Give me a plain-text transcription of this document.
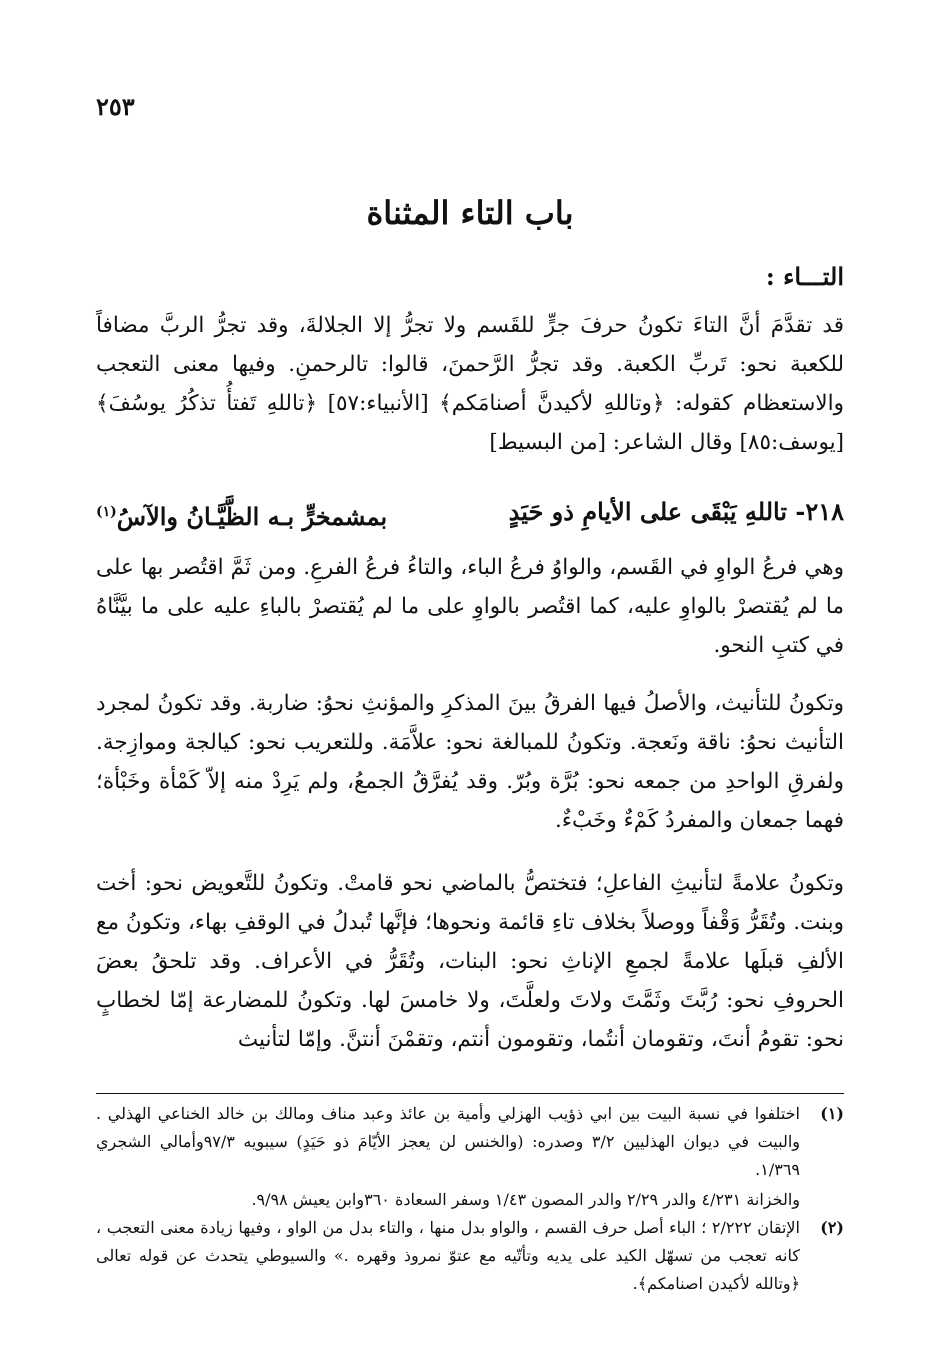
٢٥٣
باب التاء المثناة
التـــاء :

قد تقدَّمَ أنَّ التاءَ تكونُ حرفَ جرٍّ للقَسم ولا تجرُّ إلا الجلالةَ، وقد تجرُّ الربَّ مضافاً للكعبة نحو: تَربِّ الكعبة. وقد تجرُّ الرَّحمنَ، قالوا: تالرحمنِ. وفيها معنى التعجب والاستعظام كقوله: ﴿وتاللهِ لأكيدنَّ أصنامَكم﴾ [الأنبياء:٥٧] ﴿تاللهِ تَفتأُ تذكُرُ يوسُفَ﴾ [يوسف:٨٥] وقال الشاعر: [من البسيط]

٢١٨- تاللهِ يَبْقَى على الأيامِ ذو حَيَدٍ
بمشمخرٍّ بـه الظَّيَّـانُ والآسُ$^{(١)}$

وهي فرعُ الواوِ في القَسم، والواوُ فرعُ الباء، والتاءُ فرعُ الفرعِ. ومن ثَمَّ اقتُصر بها على ما لم يُقتصرْ بالواوِ عليه، كما اقتُصر بالواوِ على ما لم يُقتصرْ بالباءِ عليه على ما بيَّنَّاهُ في كتبِ النحو.

وتكونُ للتأنيث، والأصلُ فيها الفرقُ بينَ المذكرِ والمؤنثِ نحوُ: ضاربة. وقد تكونُ لمجرد التأنيث نحوُ: ناقة ونَعجة. وتكونُ للمبالغة نحو: علاَّمَة. وللتعريب نحو: كيالجة وموازِجة. ولفرقِ الواحدِ من جمعه نحو: بُرَّة وبُرّ. وقد يُفرَّقُ الجمعُ، ولم يَرِدْ منه إلاّ كَمْأة وخَبْأة؛ فهما جمعان والمفردُ كَمْءٌ وخَبْءٌ.

وتكونُ علامةً لتأنيثِ الفاعلِ؛ فتختصُّ بالماضي نحو قامتْ. وتكونُ للتَّعويض نحو: أخت وبنت. وتُقَرُّ وَقْفاً ووصلاً بخلاف تاءِ قائمة ونحوها؛ فإنَّها تُبدلُ في الوقفِ بهاء، وتكونُ مع الألفِ قبلَها علامةً لجمعِ الإناثِ نحو: البنات، وتُقَرُّ في الأعراف. وقد تلحقُ بعضَ الحروفِ نحو: رُبَّتَ وثَمَّتَ ولاتَ ولعلَّتَ، ولا خامسَ لها. وتكونُ للمضارعة إمّا لخطابٍ نحو: تقومُ أنتَ، وتقومان أنتُما، وتقومون أنتم، وتقمْنَ أنتنَّ. وإمّا لتأنيث

(١)
اختلفوا في نسبة البيت بين ابي ذؤيب الهزلي وأمية بن عائذ وعبد مناف ومالك بن خالد الخناعي الهذلي . والبيت في ديوان الهذليين ٣/٢ وصدره: (والخنس لن يعجز الأيّامَ ذو حَيَدٍ) سيبويه ٩٧/٣وأمالي الشجري ١/٣٦٩.
والخزانة ٤/٢٣١ والدر ٢/٢٩ والدر المصون ١/٤٣ وسفر السعادة ٣٦٠وابن يعيش ٩/٩٨.
(٢)
الإتقان ٢/٢٢٢ ؛ الباء أصل حرف القسم ، والواو بدل منها ، والتاء بدل من الواو ، وفيها زيادة معنى التعجب ، كانه تعجب من تسهّل الكيد على يديه وتأتّيه مع عتوّ نمروذ وقهره .» والسيوطي يتحدث عن قوله تعالى ﴿وتالله لأكيدن اصنامكم﴾.
